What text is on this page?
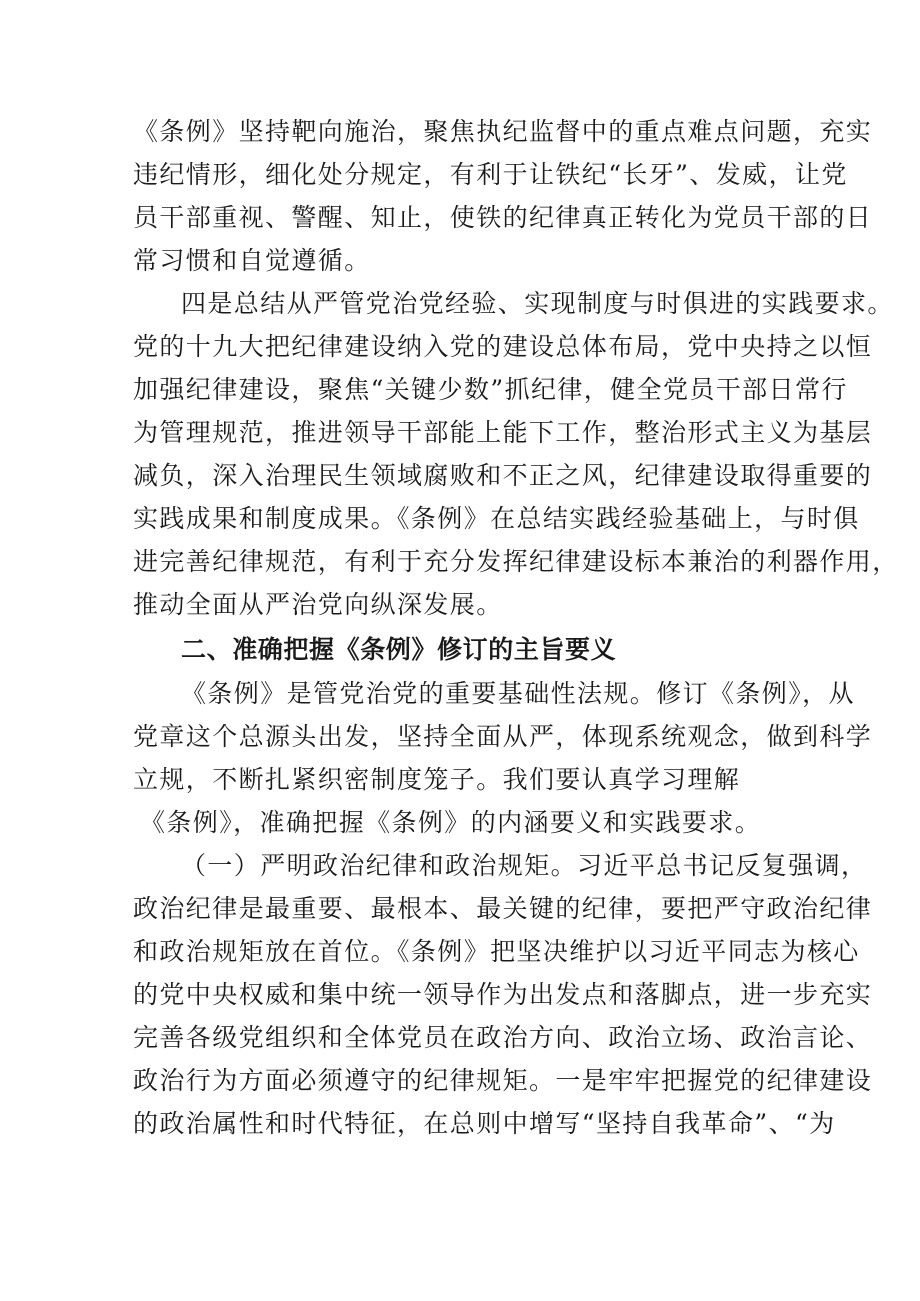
《条例》坚持靶向施治，聚焦执纪监督中的重点难点问题，充实
违纪情形，细化处分规定，有利于让铁纪“长牙”、发威，让党
员干部重视、警醒、知止，使铁的纪律真正转化为党员干部的日
常习惯和自觉遵循。
四是总结从严管党治党经验、实现制度与时俱进的实践要求。
党的十九大把纪律建设纳入党的建设总体布局，党中央持之以恒
加强纪律建设，聚焦“关键少数”抓纪律，健全党员干部日常行
为管理规范，推进领导干部能上能下工作，整治形式主义为基层
减负，深入治理民生领域腐败和不正之风，纪律建设取得重要的
实践成果和制度成果。《条例》在总结实践经验基础上，与时俱
进完善纪律规范，有利于充分发挥纪律建设标本兼治的利器作用，
推动全面从严治党向纵深发展。
二、准确把握《条例》修订的主旨要义
《条例》是管党治党的重要基础性法规。修订《条例》，从
党章这个总源头出发，坚持全面从严，体现系统观念，做到科学
立规，不断扎紧织密制度笼子。我们要认真学习理解
《条例》，准确把握《条例》的内涵要义和实践要求。
（一）严明政治纪律和政治规矩。习近平总书记反复强调，
政治纪律是最重要、最根本、最关键的纪律，要把严守政治纪律
和政治规矩放在首位。《条例》把坚决维护以习近平同志为核心
的党中央权威和集中统一领导作为出发点和落脚点，进一步充实
完善各级党组织和全体党员在政治方向、政治立场、政治言论、
政治行为方面必须遵守的纪律规矩。一是牢牢把握党的纪律建设
的政治属性和时代特征，在总则中增写“坚持自我革命”、“为
